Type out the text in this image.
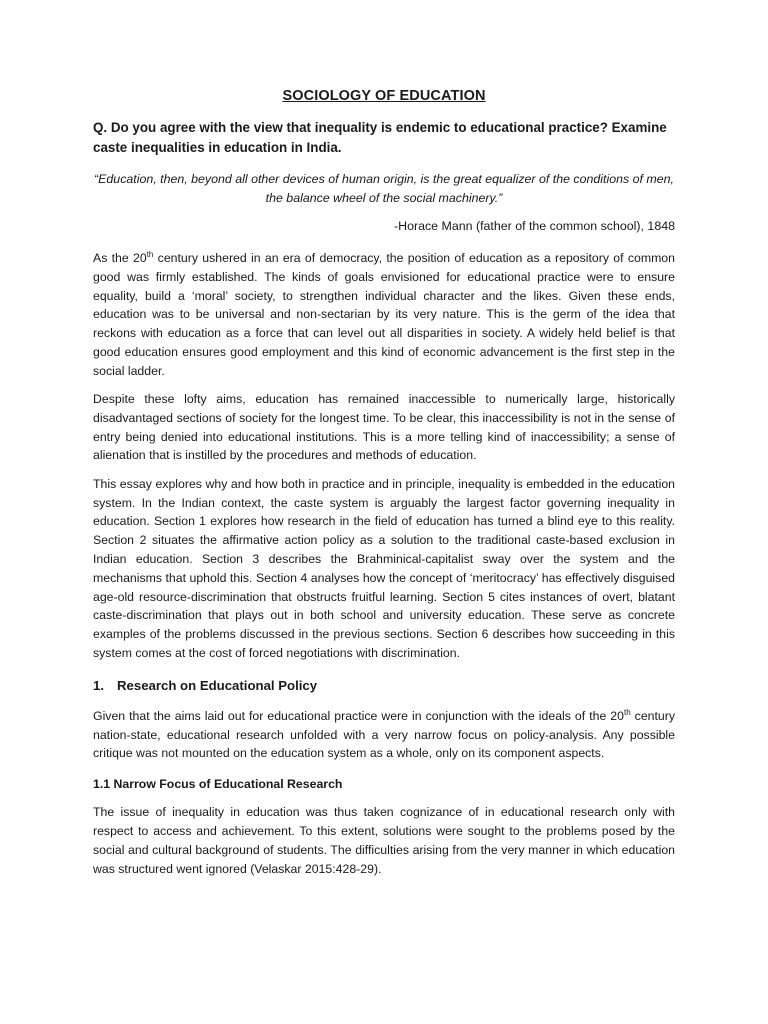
SOCIOLOGY OF EDUCATION
Q. Do you agree with the view that inequality is endemic to educational practice? Examine caste inequalities in education in India.
“Education, then, beyond all other devices of human origin, is the great equalizer of the conditions of men, the balance wheel of the social machinery.”
-Horace Mann (father of the common school), 1848

As the 20th century ushered in an era of democracy, the position of education as a repository of common good was firmly established. The kinds of goals envisioned for educational practice were to ensure equality, build a ‘moral’ society, to strengthen individual character and the likes. Given these ends, education was to be universal and non-sectarian by its very nature. This is the germ of the idea that reckons with education as a force that can level out all disparities in society. A widely held belief is that good education ensures good employment and this kind of economic advancement is the first step in the social ladder.

Despite these lofty aims, education has remained inaccessible to numerically large, historically disadvantaged sections of society for the longest time. To be clear, this inaccessibility is not in the sense of entry being denied into educational institutions. This is a more telling kind of inaccessibility; a sense of alienation that is instilled by the procedures and methods of education.

This essay explores why and how both in practice and in principle, inequality is embedded in the education system. In the Indian context, the caste system is arguably the largest factor governing inequality in education. Section 1 explores how research in the field of education has turned a blind eye to this reality. Section 2 situates the affirmative action policy as a solution to the traditional caste-based exclusion in Indian education. Section 3 describes the Brahminical-capitalist sway over the system and the mechanisms that uphold this. Section 4 analyses how the concept of ‘meritocracy’ has effectively disguised age-old resource-discrimination that obstructs fruitful learning. Section 5 cites instances of overt, blatant caste-discrimination that plays out in both school and university education. These serve as concrete examples of the problems discussed in the previous sections. Section 6 describes how succeeding in this system comes at the cost of forced negotiations with discrimination.

1. Research on Educational Policy

Given that the aims laid out for educational practice were in conjunction with the ideals of the 20th century nation-state, educational research unfolded with a very narrow focus on policy-analysis. Any possible critique was not mounted on the education system as a whole, only on its component aspects.

1.1 Narrow Focus of Educational Research

The issue of inequality in education was thus taken cognizance of in educational research only with respect to access and achievement. To this extent, solutions were sought to the problems posed by the social and cultural background of students. The difficulties arising from the very manner in which education was structured went ignored (Velaskar 2015:428-29).
